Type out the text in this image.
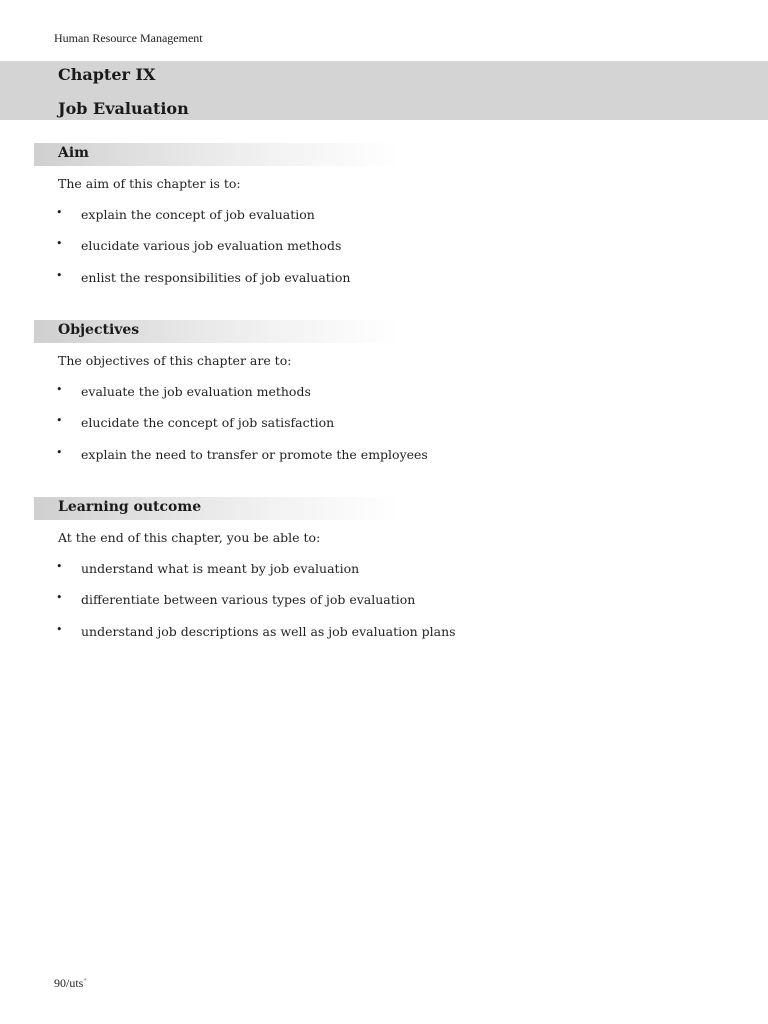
Human Resource Management
Chapter IX
Job Evaluation
Aim
The aim of this chapter is to:
• explain the concept of job evaluation
• elucidate various job evaluation methods
• enlist the responsibilities of job evaluation
Objectives
The objectives of this chapter are to:
• evaluate the job evaluation methods
• elucidate the concept of job satisfaction
• explain the need to transfer or promote the employees
Learning outcome
At the end of this chapter, you be able to:
• understand what is meant by job evaluation
• differentiate between various types of job evaluation
• understand job descriptions as well as job evaluation plans
90/uts+
